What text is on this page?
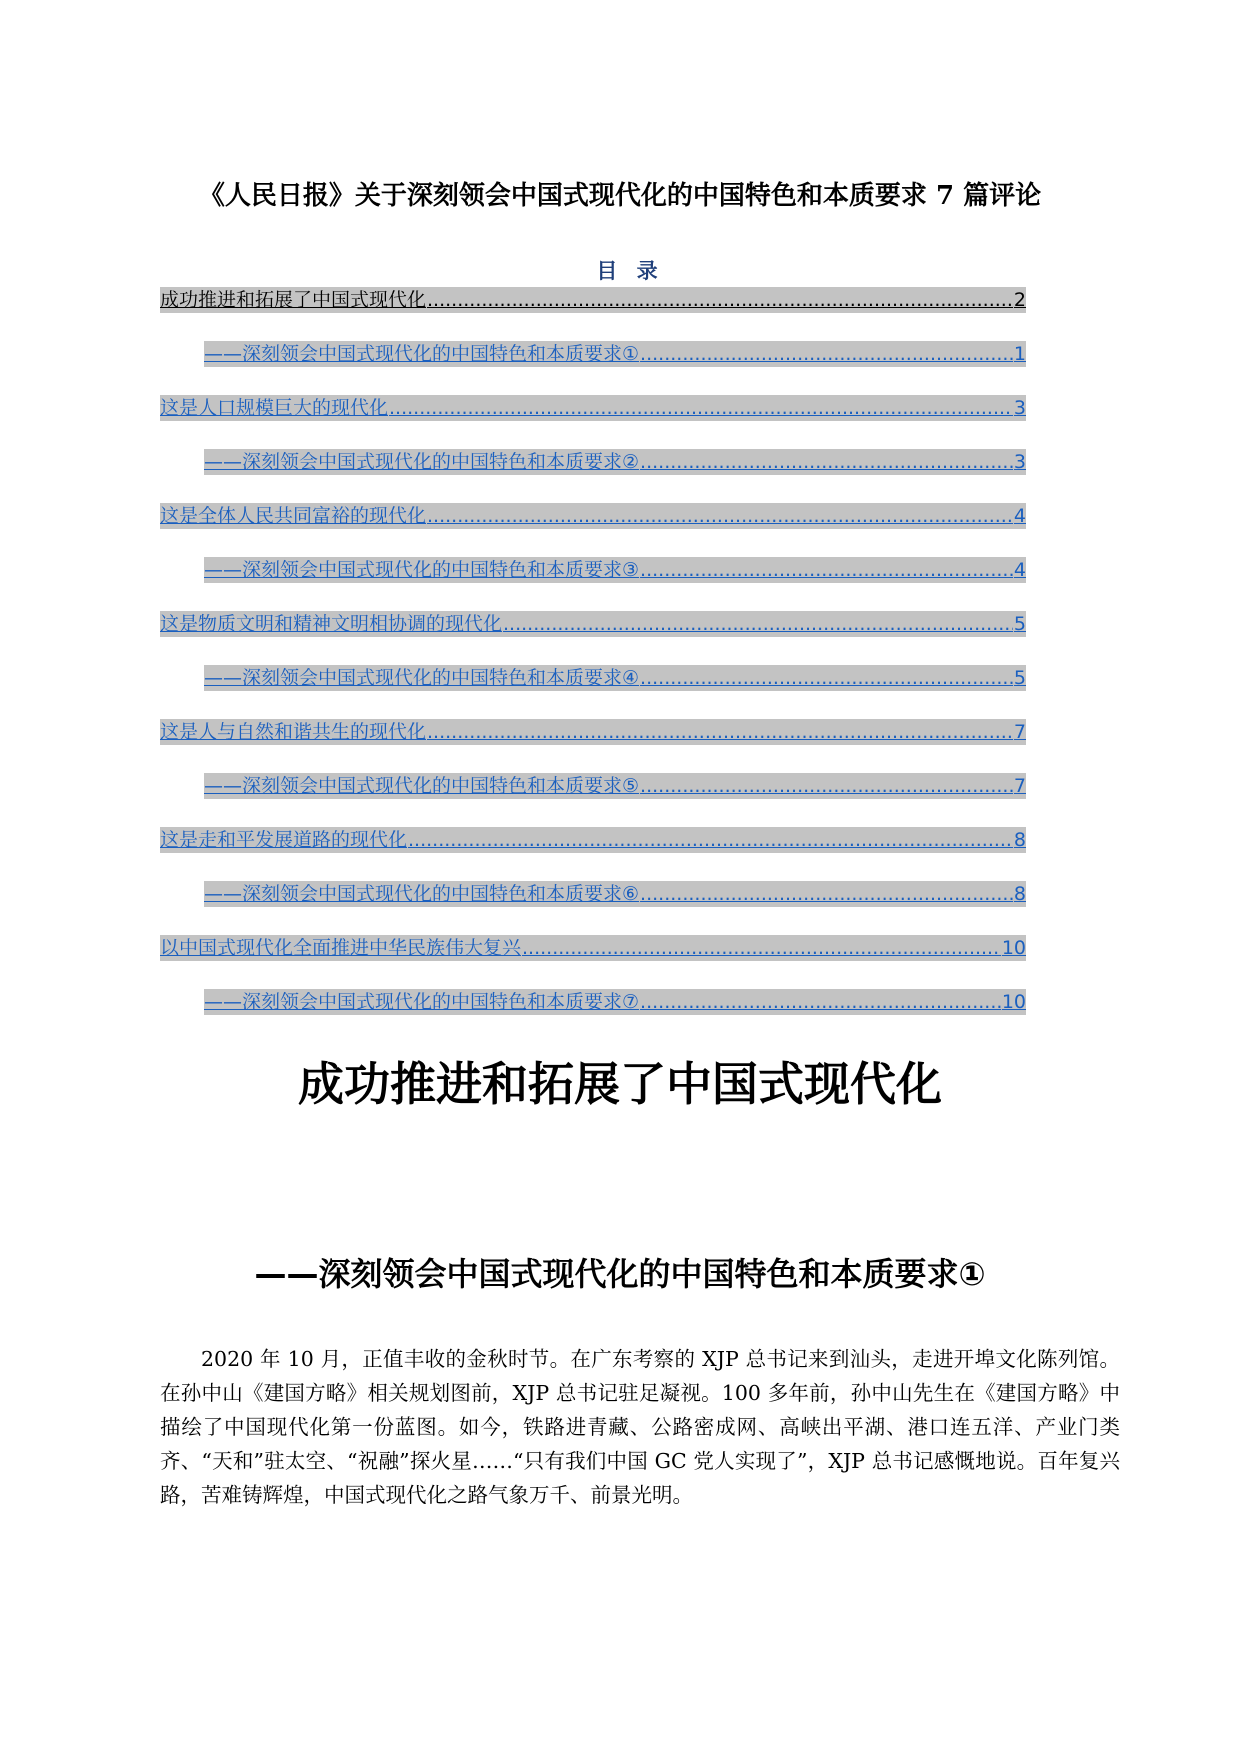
《人民日报》关于深刻领会中国式现代化的中国特色和本质要求 7 篇评论
目 录
成功推进和拓展了中国式现代化 .....	2
——深刻领会中国式现代化的中国特色和本质要求① .....	1
这是人口规模巨大的现代化 .....	3
——深刻领会中国式现代化的中国特色和本质要求② .....	3
这是全体人民共同富裕的现代化 .....	4
——深刻领会中国式现代化的中国特色和本质要求③ .....	4
这是物质文明和精神文明相协调的现代化 .....	5
——深刻领会中国式现代化的中国特色和本质要求④ .....	5
这是人与自然和谐共生的现代化 .....	7
——深刻领会中国式现代化的中国特色和本质要求⑤ .....	7
这是走和平发展道路的现代化 .....	8
——深刻领会中国式现代化的中国特色和本质要求⑥ .....	8
以中国式现代化全面推进中华民族伟大复兴 .....	10
——深刻领会中国式现代化的中国特色和本质要求⑦ .....	10
成功推进和拓展了中国式现代化
——深刻领会中国式现代化的中国特色和本质要求①

2020 年 10 月，正值丰收的金秋时节。在广东考察的 XJP 总书记来到汕头，走进开埠文化陈列馆。在孙中山《建国方略》相关规划图前，XJP 总书记驻足凝视。100 多年前，孙中山先生在《建国方略》中描绘了中国现代化第一份蓝图。如今，铁路进青藏、公路密成网、高峡出平湖、港口连五洋、产业门类齐、“天和”驻太空、“祝融”探火星……“只有我们中国 GC 党人实现了”，XJP 总书记感慨地说。百年复兴路，苦难铸辉煌，中国式现代化之路气象万千、前景光明。
